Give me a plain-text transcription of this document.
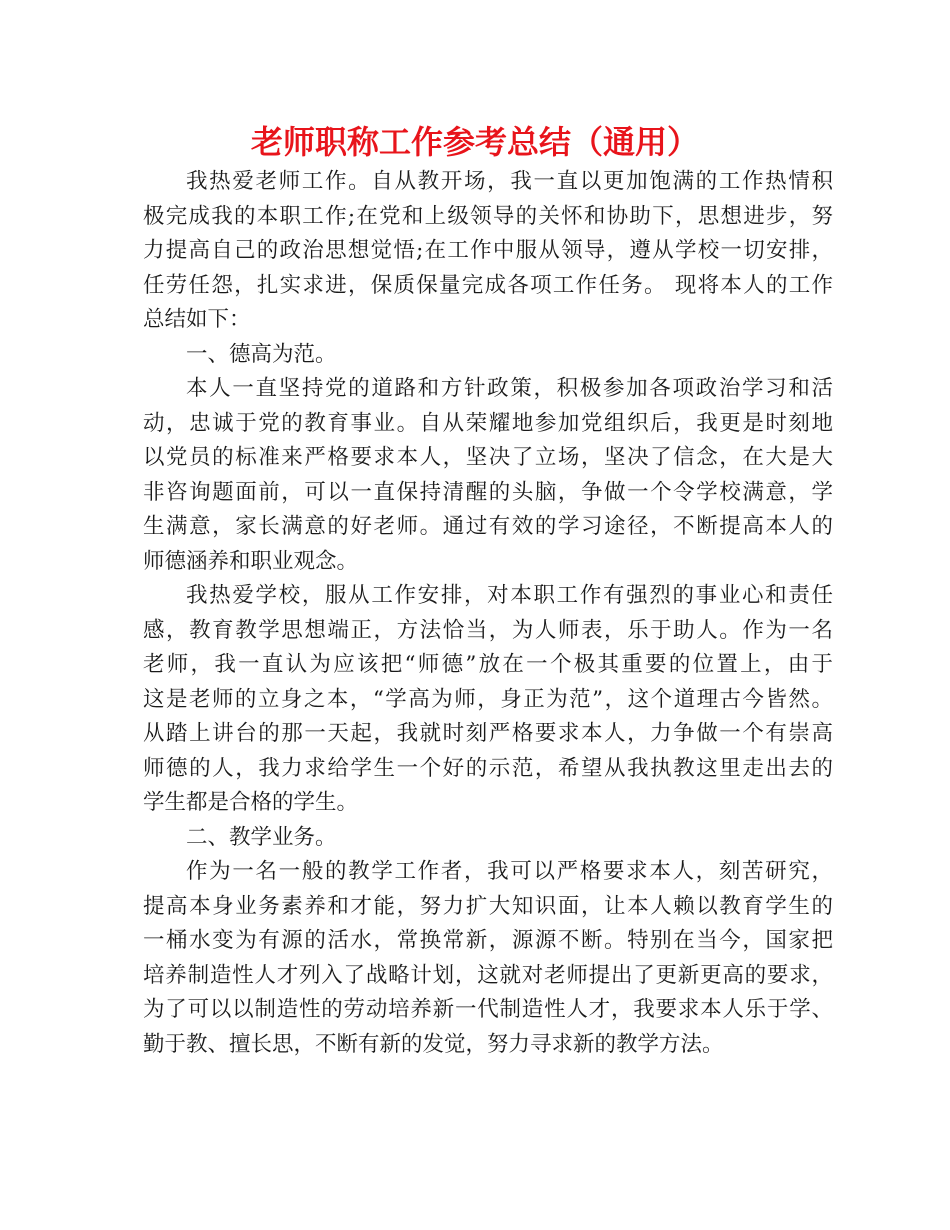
老师职称工作参考总结（通用）
我热爱老师工作。自从教开场，我一直以更加饱满的工作热情积
极完成我的本职工作;在党和上级领导的关怀和协助下，思想进步，努
力提高自己的政治思想觉悟;在工作中服从领导，遵从学校一切安排，
任劳任怨，扎实求进，保质保量完成各项工作任务。 现将本人的工作
总结如下：
一、德高为范。
本人一直坚持党的道路和方针政策，积极参加各项政治学习和活
动，忠诚于党的教育事业。自从荣耀地参加党组织后，我更是时刻地
以党员的标准来严格要求本人，坚决了立场，坚决了信念，在大是大
非咨询题面前，可以一直保持清醒的头脑，争做一个令学校满意，学
生满意，家长满意的好老师。通过有效的学习途径，不断提高本人的
师德涵养和职业观念。
我热爱学校，服从工作安排，对本职工作有强烈的事业心和责任
感，教育教学思想端正，方法恰当，为人师表，乐于助人。作为一名
老师，我一直认为应该把“师德”放在一个极其重要的位置上，由于
这是老师的立身之本，“学高为师，身正为范”，这个道理古今皆然。
从踏上讲台的那一天起，我就时刻严格要求本人，力争做一个有崇高
师德的人，我力求给学生一个好的示范，希望从我执教这里走出去的
学生都是合格的学生。
二、教学业务。
作为一名一般的教学工作者，我可以严格要求本人，刻苦研究，
提高本身业务素养和才能，努力扩大知识面，让本人赖以教育学生的
一桶水变为有源的活水，常换常新，源源不断。特别在当今，国家把
培养制造性人才列入了战略计划，这就对老师提出了更新更高的要求，
为了可以以制造性的劳动培养新一代制造性人才，我要求本人乐于学、
勤于教、擅长思，不断有新的发觉，努力寻求新的教学方法。
